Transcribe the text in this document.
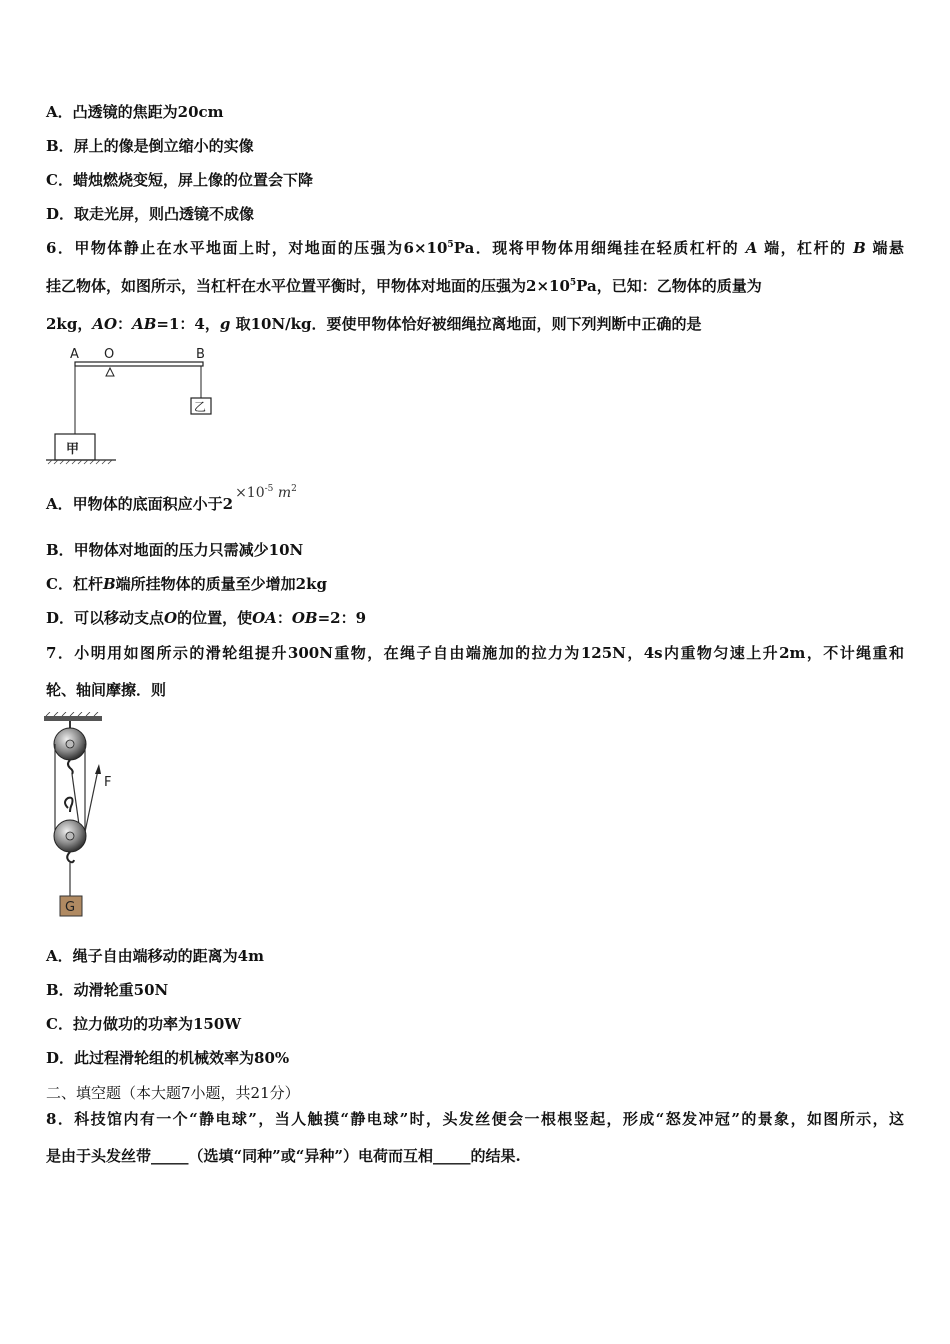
A．凸透镜的焦距为20cm
B．屏上的像是倒立缩小的实像
C．蜡烛燃烧变短，屏上像的位置会下降
D．取走光屏，则凸透镜不成像
6．甲物体静止在水平地面上时，对地面的压强为$6\times 10^5Pa$．现将甲物体用细绳挂在轻质杠杆的 A 端，杠杆的 B 端悬
挂乙物体，如图所示，当杠杆在水平位置平衡时，甲物体对地面的压强为$2\times 10^5Pa$，已知：乙物体的质量为
2kg，AO：AB=1：4，g 取10N/kg．要使甲物体恰好被细绳拉离地面，则下列判断中正确的是
A O	B
乙
甲
A．甲物体的底面积应小于$2\times 10^{-5}$ $m^2$
B．甲物体对地面的压力只需减少10N
C．杠杆B端所挂物体的质量至少增加2kg
D．可以移动支点O的位置，使OA：OB=2：9
7．小明用如图所示的滑轮组提升300N重物，在绳子自由端施加的拉力为125N，4s内重物匀速上升2m，不计绳重和
轮、轴间摩擦．则
F
G
A．绳子自由端移动的距离为4m
B．动滑轮重50N
C．拉力做功的功率为150W
D．此过程滑轮组的机械效率为80%
二、填空题（本大题7小题，共21分）
8．科技馆内有一个“静电球”，当人触摸“静电球”时，头发丝便会一根根竖起，形成“怒发冲冠”的景象，如图所示，这
是由于头发丝带_____（选填“同种”或“异种”）电荷而互相_____的结果.
